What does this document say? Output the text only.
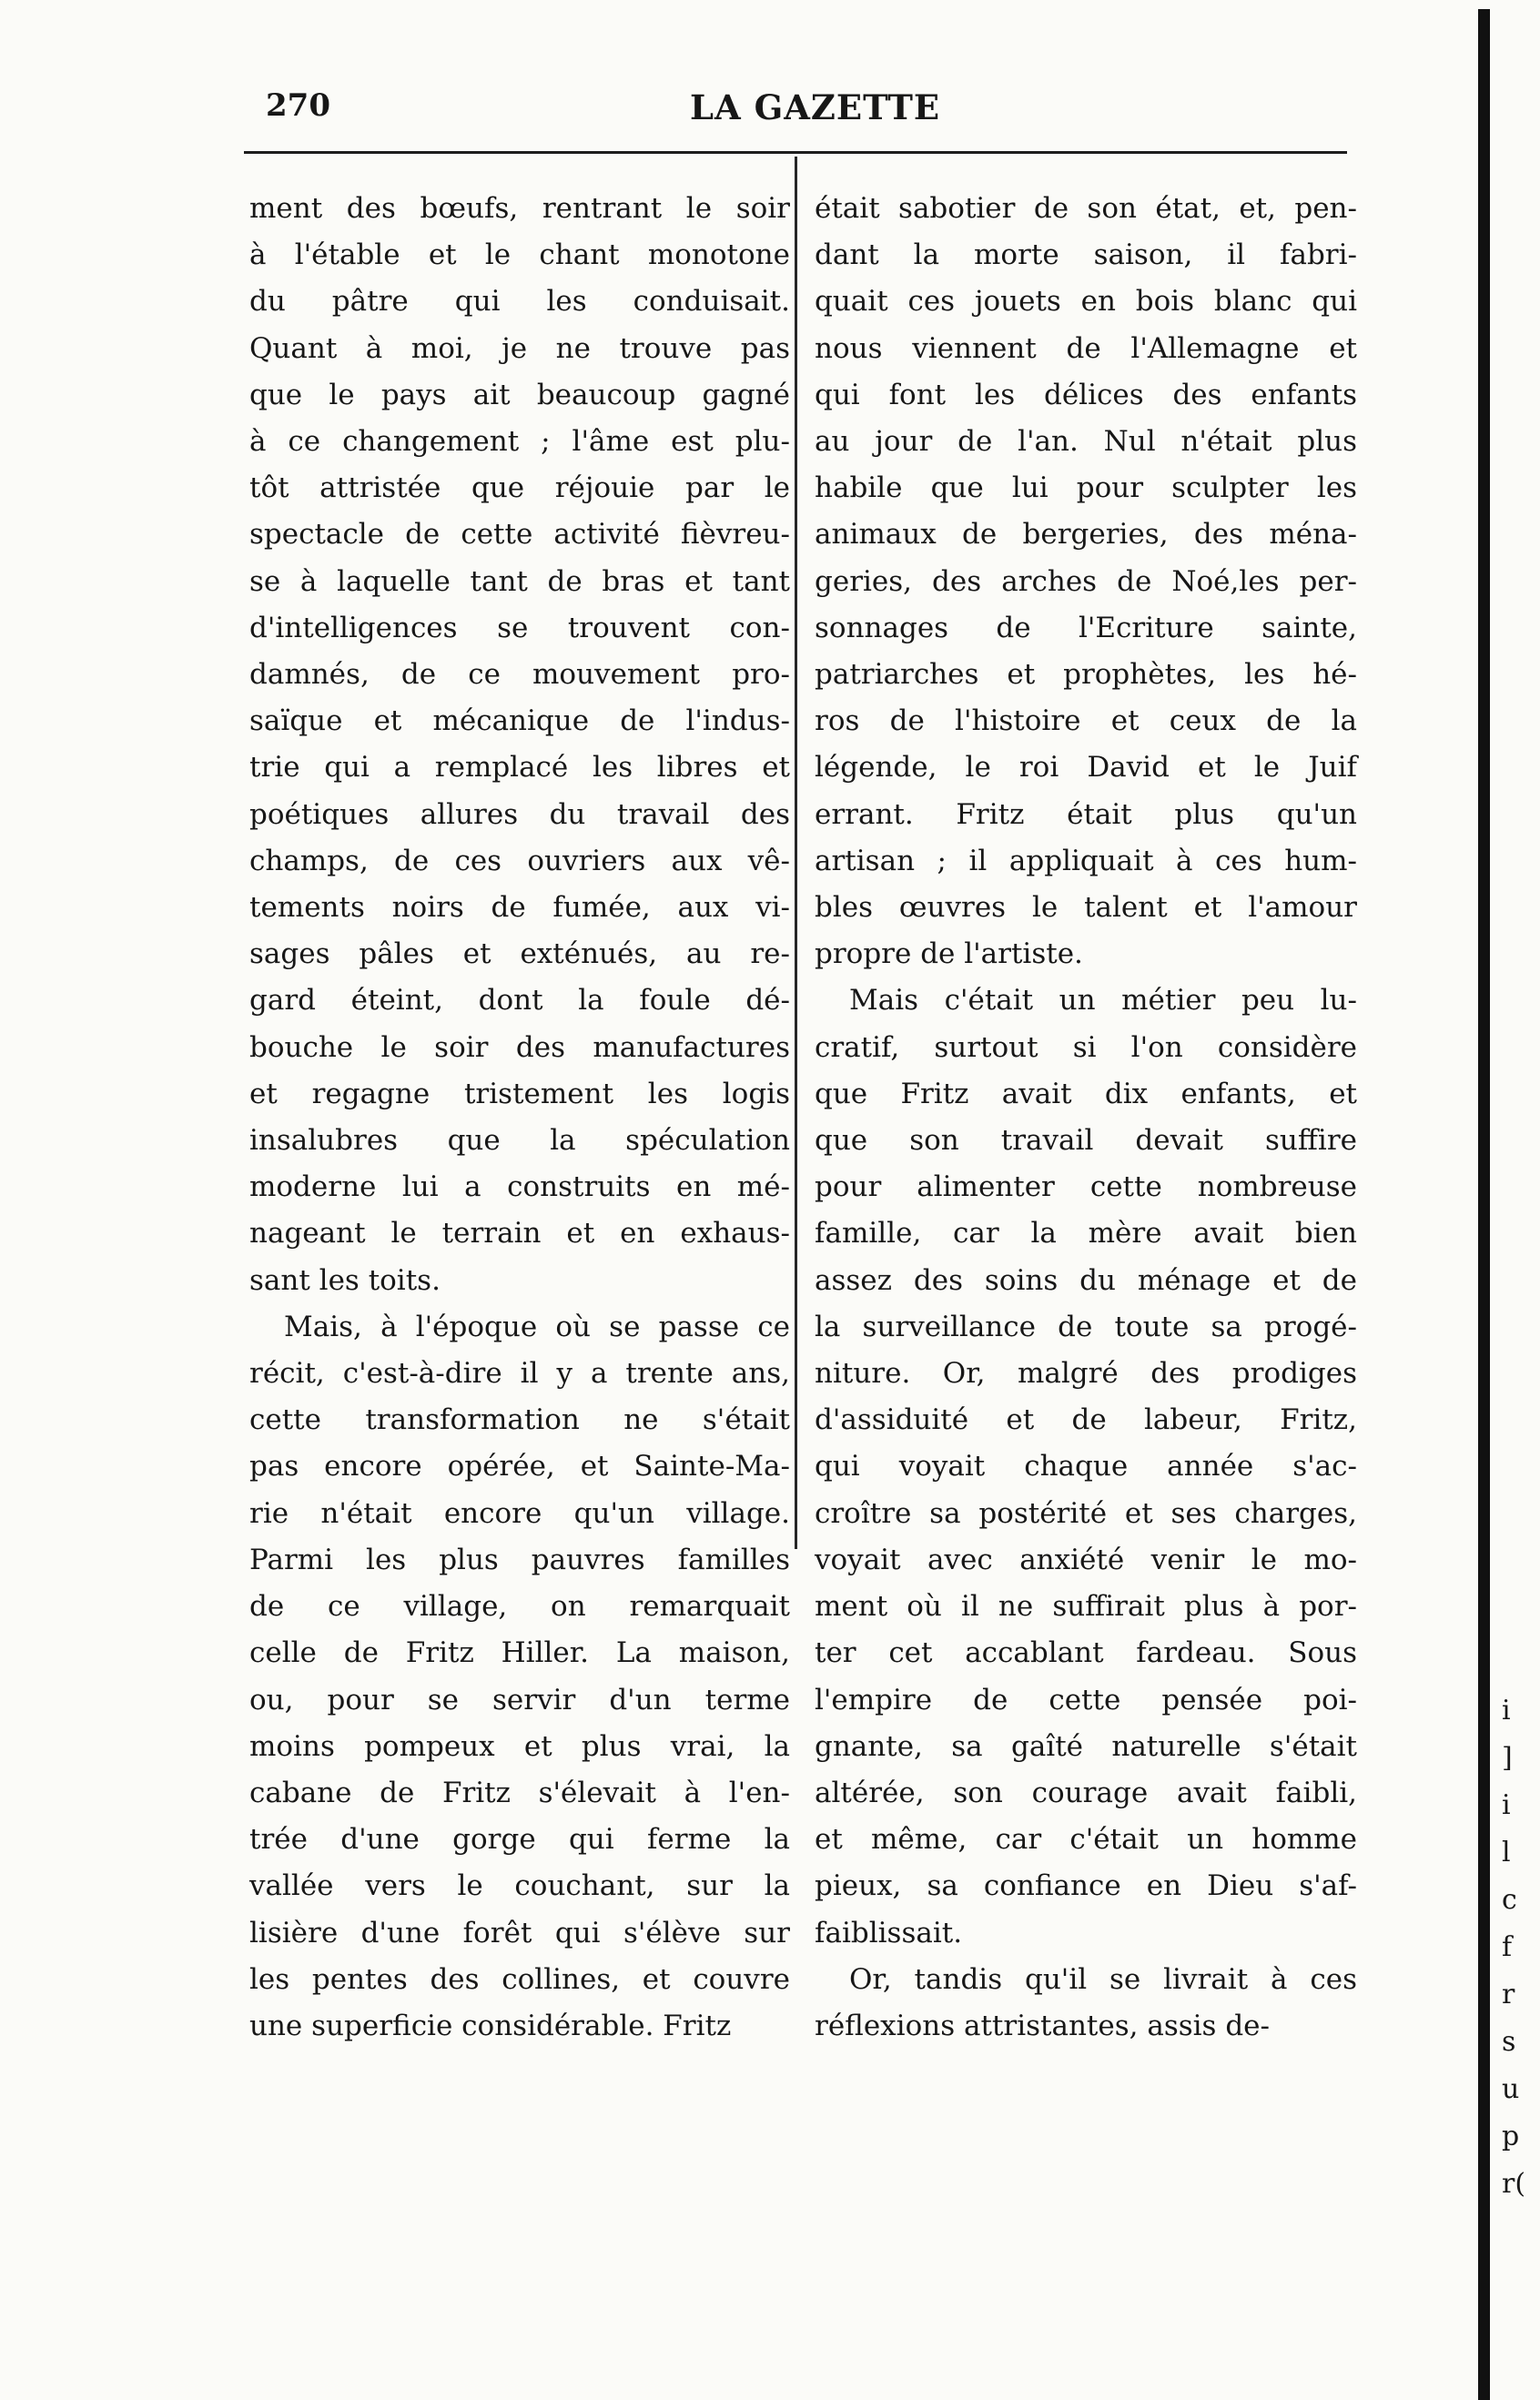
270	LA GAZETTE
ment des bœufs, rentrant le soir
à l'étable et le chant monotone
du pâtre qui les conduisait.
Quant à moi, je ne trouve pas
que le pays ait beaucoup gagné
à ce changement ; l'âme est plu-
tôt attristée que réjouie par le
spectacle de cette activité fièvreu-
se à laquelle tant de bras et tant
d'intelligences se trouvent con-
damnés, de ce mouvement pro-
saïque et mécanique de l'indus-
trie qui a remplacé les libres et
poétiques allures du travail des
champs, de ces ouvriers aux vê-
tements noirs de fumée, aux vi-
sages pâles et exténués, au re-
gard éteint, dont la foule dé-
bouche le soir des manufactures
et regagne tristement les logis
insalubres que la spéculation
moderne lui a construits en mé-
nageant le terrain et en exhaus-
sant les toits.
Mais, à l'époque où se passe ce
récit, c'est-à-dire il y a trente ans,
cette transformation ne s'était
pas encore opérée, et Sainte-Ma-
rie n'était encore qu'un village.
Parmi les plus pauvres familles
de ce village, on remarquait
celle de Fritz Hiller. La maison,
ou, pour se servir d'un terme
moins pompeux et plus vrai, la
cabane de Fritz s'élevait à l'en-
trée d'une gorge qui ferme la
vallée vers le couchant, sur la
lisière d'une forêt qui s'élève sur
les pentes des collines, et couvre
une superficie considérable. Fritz
était sabotier de son état, et, pen-
dant la morte saison, il fabri-
quait ces jouets en bois blanc qui
nous viennent de l'Allemagne et
qui font les délices des enfants
au jour de l'an. Nul n'était plus
habile que lui pour sculpter les
animaux de bergeries, des ména-
geries, des arches de Noé,les per-
sonnages de l'Ecriture sainte,
patriarches et prophètes, les hé-
ros de l'histoire et ceux de la
légende, le roi David et le Juif
errant. Fritz était plus qu'un
artisan ; il appliquait à ces hum-
bles œuvres le talent et l'amour
propre de l'artiste.
Mais c'était un métier peu lu-
cratif, surtout si l'on considère
que Fritz avait dix enfants, et
que son travail devait suffire
pour alimenter cette nombreuse
famille, car la mère avait bien
assez des soins du ménage et de
la surveillance de toute sa progé-
niture. Or, malgré des prodiges
d'assiduité et de labeur, Fritz,
qui voyait chaque année s'ac-
croître sa postérité et ses charges,
voyait avec anxiété venir le mo-
ment où il ne suffirait plus à por-
ter cet accablant fardeau. Sous
l'empire de cette pensée poi-
gnante, sa gaîté naturelle s'était
altérée, son courage avait faibli,
et même, car c'était un homme
pieux, sa confiance en Dieu s'af-
faiblissait.
Or, tandis qu'il se livrait à ces
réflexions attristantes, assis de-
i
]
i
l
c
f
r
s
u
p
r(
